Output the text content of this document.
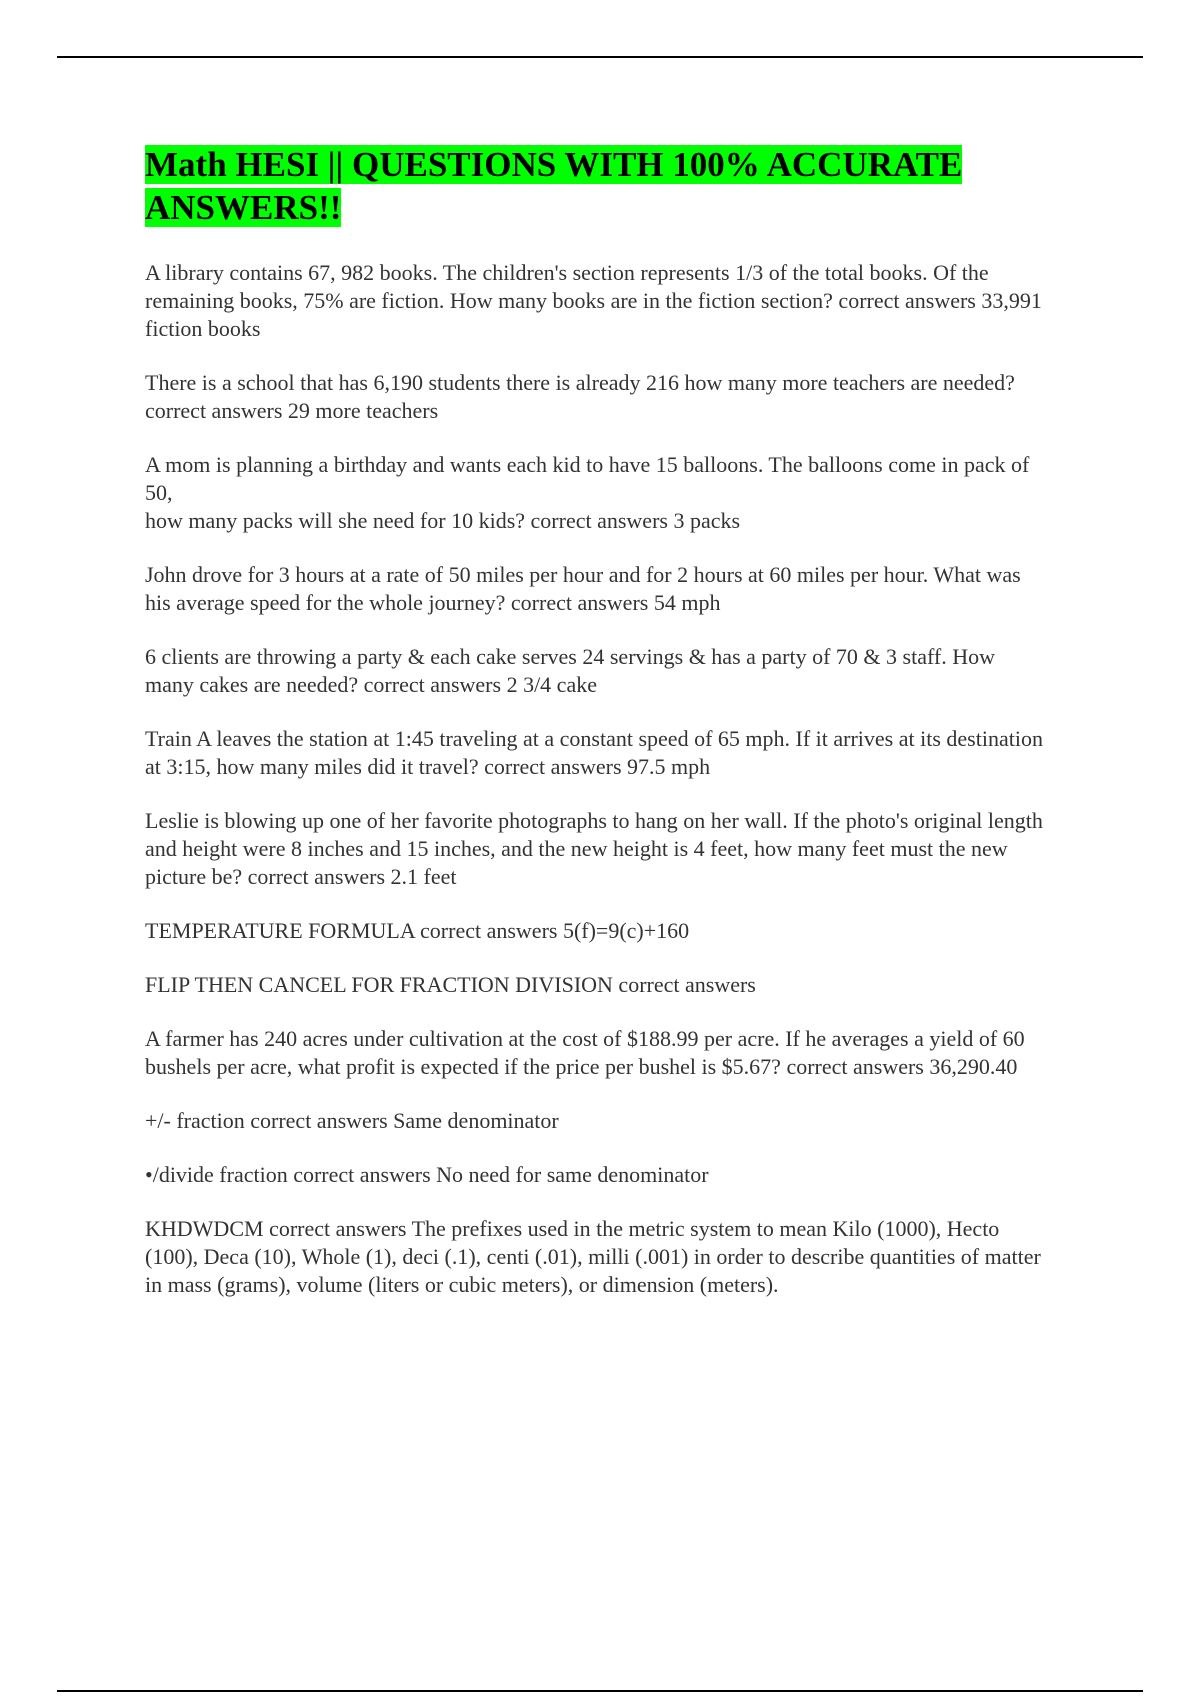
Math HESI || QUESTIONS WITH 100% ACCURATE ANSWERS!!

A library contains 67, 982 books. The children's section represents 1/3 of the total books. Of the remaining books, 75% are fiction. How many books are in the fiction section? correct answers 33,991 fiction books

There is a school that has 6,190 students there is already 216 how many more teachers are needed? correct answers 29 more teachers

A mom is planning a birthday and wants each kid to have 15 balloons. The balloons come in pack of 50,
how many packs will she need for 10 kids? correct answers 3 packs

John drove for 3 hours at a rate of 50 miles per hour and for 2 hours at 60 miles per hour. What was his average speed for the whole journey? correct answers 54 mph

6 clients are throwing a party & each cake serves 24 servings & has a party of 70 & 3 staff. How many cakes are needed? correct answers 2 3/4 cake

Train A leaves the station at 1:45 traveling at a constant speed of 65 mph. If it arrives at its destination at 3:15, how many miles did it travel? correct answers 97.5 mph

Leslie is blowing up one of her favorite photographs to hang on her wall. If the photo's original length and height were 8 inches and 15 inches, and the new height is 4 feet, how many feet must the new picture be? correct answers 2.1 feet

TEMPERATURE FORMULA correct answers 5(f)=9(c)+160

FLIP THEN CANCEL FOR FRACTION DIVISION correct answers

A farmer has 240 acres under cultivation at the cost of $188.99 per acre. If he averages a yield of 60 bushels per acre, what profit is expected if the price per bushel is $5.67? correct answers 36,290.40

+/- fraction correct answers Same denominator

•/divide fraction correct answers No need for same denominator

KHDWDCM correct answers The prefixes used in the metric system to mean Kilo (1000), Hecto (100), Deca (10), Whole (1), deci (.1), centi (.01), milli (.001) in order to describe quantities of matter in mass (grams), volume (liters or cubic meters), or dimension (meters).
